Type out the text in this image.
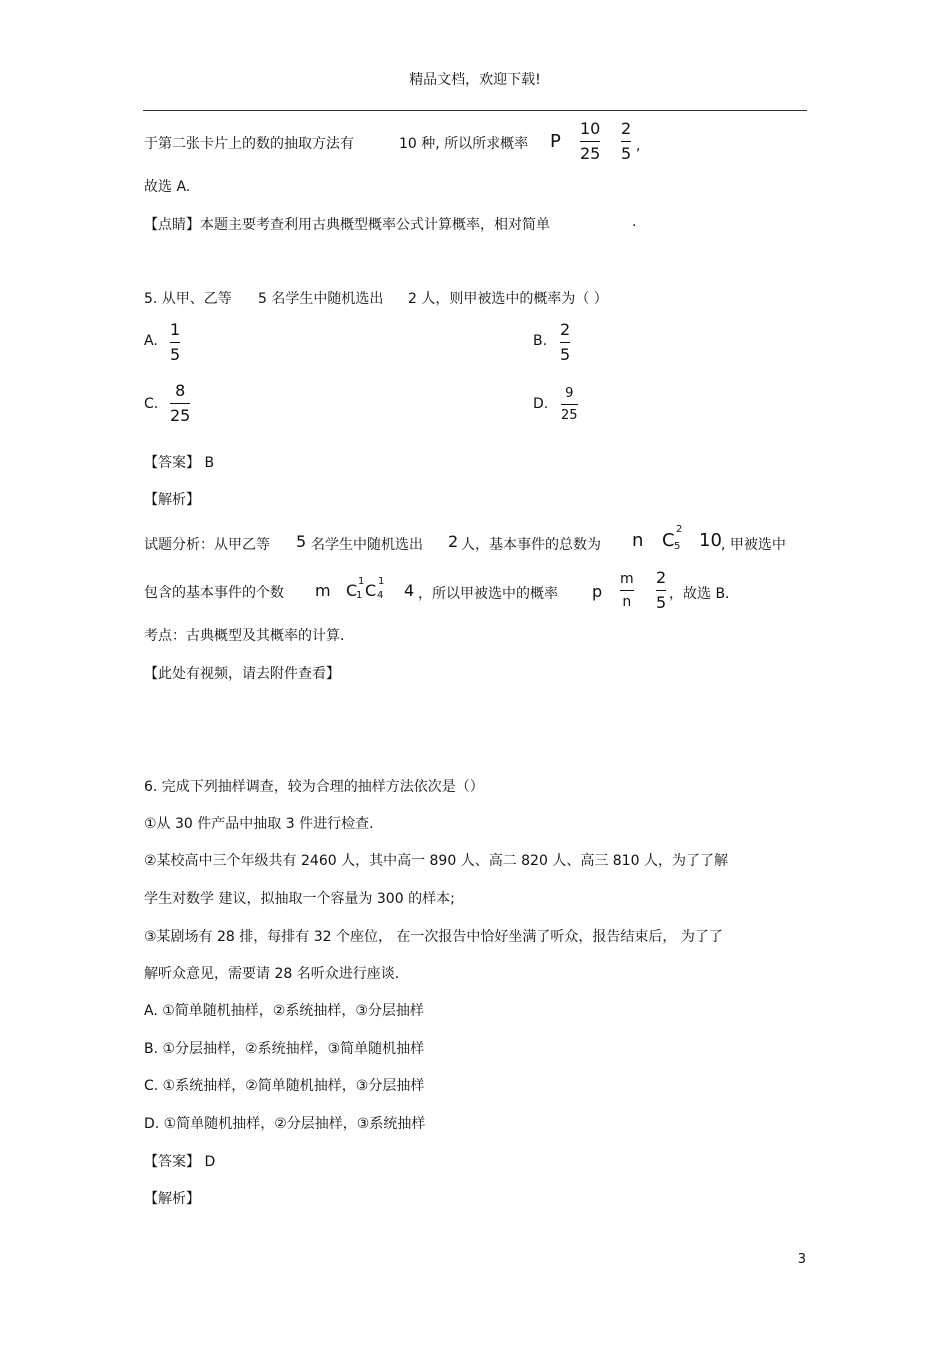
精品文档，欢迎下载!
于第二张卡片上的数的抽取方法有	10 种, 所以所求概率 P
10
25
2
5 ,
故选 A.
【点睛】本题主要考查利用古典概型概率公式计算概率，相对简单	.
5. 从甲、乙等 5 名学生中随机选出 2 人，则甲被选中的概率为（ ）
A.
1
5
B.
2
5
C.
8
25
D.
9
25
【答案】 B
【解析】
试题分析：从甲乙等 5 名学生中随机选出 2 人，基本事件的总数为 n C
2
5 10 , 甲被选中
包含的基本事件的个数 m C 1
1 C 1
4 4 ，所以甲被选中的概率 p
m
n
2
5 ，故选 B.
考点：古典概型及其概率的计算.
【此处有视频，请去附件查看】
6. 完成下列抽样调查，较为合理的抽样方法依次是（）
①从 30 件产品中抽取 3 件进行检查.
②某校高中三个年级共有 2460 人，其中高一 890 人、高二 820 人、高三 810 人，为了了解
学生对数学 建议，拟抽取一个容量为 300 的样本;
③某剧场有 28 排，每排有 32 个座位， 在一次报告中恰好坐满了听众，报告结束后， 为了了
解听众意见，需要请 28 名听众进行座谈.
A. ①简单随机抽样，②系统抽样，③分层抽样
B. ①分层抽样，②系统抽样，③简单随机抽样
C. ①系统抽样，②简单随机抽样，③分层抽样
D. ①简单随机抽样，②分层抽样，③系统抽样
【答案】 D
【解析】
3
